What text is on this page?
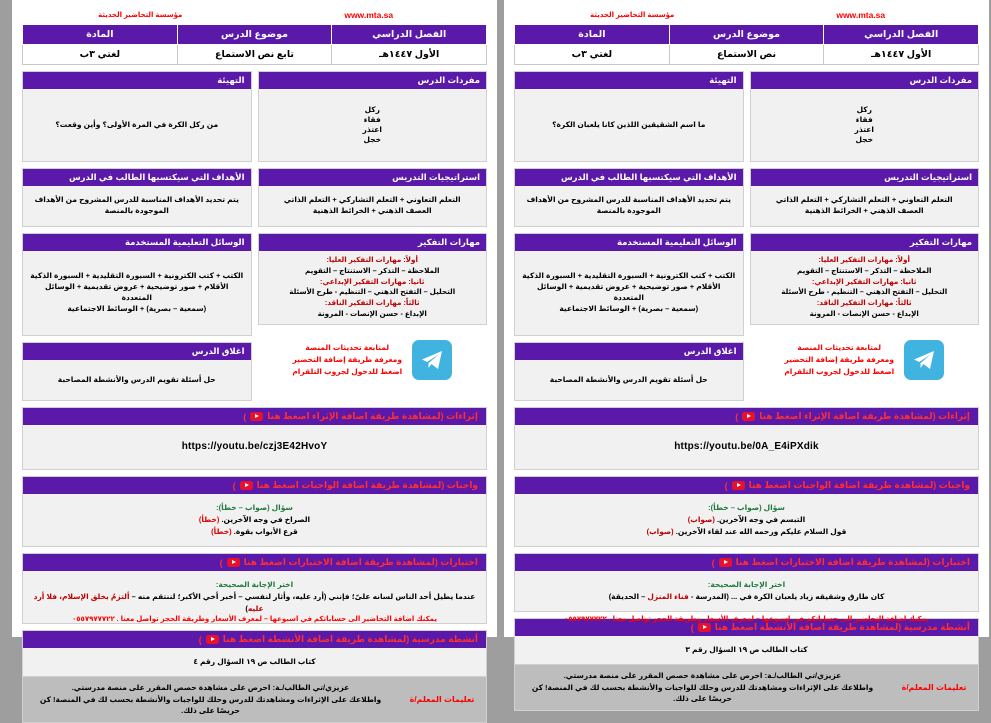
www.mta.sa
مؤسسة التحاضير الحديثة
الفصل الدراسي	موضوع الدرس	المادة
الأول ١٤٤٧هـ	نص الاستماع	لغتي ٣ب
مفردات الدرس
ركل
فقاء
اعتذر
خجل
التهيئة
ما اسم الشقيقين اللذين كانا يلعبان الكرة؟
استراتيجيات التدريس
التعلم التعاوني + التعلم التشاركي + التعلم الذاتي
العصف الذهني + الخرائط الذهنية
الأهداف التي سيكتسبها الطالب في الدرس
يتم تحديد الأهداف المناسبة للدرس المشروح من الأهداف الموجودة بالمنصة
مهارات التفكير
أولاً: مهارات التفكير العليا:
الملاحظة – التذكر – الاستنتاج – التقويم
ثانيا: مهارات التفكير الإبداعي:
التحليل – التفتح الذهني – التنظيم - طرح الأسئلة
ثالثاً: مهارات التفكير الناقد:
الإبداع - حسن الإنصات - المرونة
لمتابعة تحديثات المنصة
ومعرفة طريقة إضافة التحضير
اضغط للدخول لجروب التلقرام
الوسائل التعليمية المستخدمة
الكتب + كتب الكترونية + السبورة التقليدية + السبورة الذكية
الأقلام + صور توضيحية + عروض تقديمية + الوسائل المتعددة
(سمعية – بصرية) + الوسائط الاجتماعية
اغلاق الدرس
حل أسئلة تقويم الدرس والأنشطة المصاحبة
إثراءات (لمشاهدة طريقة اضافة الإثراء اضغط هنا
)
https://youtu.be/0A_E4iPXdik
واجبات (لمشاهدة طريقة اضافة الواجبات اضغط هنا
)
سؤال (صواب – خطأ):
التبسم في وجه الآخرين. (صواب)
قول السلام عليكم ورحمه الله عند لقاء الآخرين. (صواب)
اختبارات (لمشاهدة طريقة اضافة الاختبارات اضغط هنا
)
اختر الإجابة الصحيحة:
كان طارق وشقيقه زياد يلعبان الكرة في ... (المدرسة - فناء المنزل – الحديقة)
أنشطة مدرسية (لمشاهدة طريقة اضافة الأنشطة اضغط هنا
)
كتاب الطالب ص ١٩ السؤال رقم ٣
تعليمات المعلم/ة
عزيزي/تي الطالب/ـة: احرص على مشاهدة حصص المقرر على منصة مدرستي.
واطلاعك على الإثراءات ومشاهدتك للدرس وحلك للواجبات والأنشطة بحسب لك في المنصة! كن حريصًا على ذلك.
يمكنك اضافة التحاضير الى حساباتكم في اسبوعها – لمعرف الأسعار وطريقة الحجز تواصل معنا . ٠٥٥٧٩٧٧٧٢٢
www.mta.sa
مؤسسة التحاضير الحديثة
الفصل الدراسي	موضوع الدرس	المادة
الأول ١٤٤٧هـ	تابع نص الاستماع	لغتي ٣ب
مفردات الدرس
ركل
فقاء
اعتذر
خجل
التهيئة
من ركل الكرة في المرة الأولى؟ وأين وقعت؟
استراتيجيات التدريس
التعلم التعاوني + التعلم التشاركي + التعلم الذاتي
العصف الذهني + الخرائط الذهنية
الأهداف التي سيكتسبها الطالب في الدرس
يتم تحديد الأهداف المناسبة للدرس المشروح من الأهداف الموجودة بالمنصة
مهارات التفكير
أولاً: مهارات التفكير العليا:
الملاحظة – التذكر – الاستنتاج – التقويم
ثانيا: مهارات التفكير الإبداعي:
التحليل – التفتح الذهني – التنظيم - طرح الأسئلة
ثالثاً: مهارات التفكير الناقد:
الإبداع - حسن الإنصات - المرونة
لمتابعة تحديثات المنصة
ومعرفة طريقة إضافة التحضير
اضغط للدخول لجروب التلقرام
الوسائل التعليمية المستخدمة
الكتب + كتب الكترونية + السبورة التقليدية + السبورة الذكية
الأقلام + صور توضيحية + عروض تقديمية + الوسائل المتعددة
(سمعية – بصرية) + الوسائط الاجتماعية
اغلاق الدرس
حل أسئلة تقويم الدرس والأنشطة المصاحبة
إثراءات (لمشاهدة طريقة اضافة الإثراء اضغط هنا
)
https://youtu.be/czj3E42HvoY
واجبات (لمشاهدة طريقة اضافة الواجبات اضغط هنا
)
سؤال (صواب – خطأ):
الصراخ في وجه الآخرين. (خطأ)
قرع الأبواب بقوة. (خطأ)
اختبارات (لمشاهدة طريقة اضافة الاختبارات اضغط هنا
)
اختر الإجابة الصحيحة:
عندما يطيل أحد الناس لسانه علىّ؛ فإنني (أرد عليه، وأثار لنفسي – أخبر أخي الأكبر؛ لننتقم منه – ألتزمُ بخلق الإسلام، فلا أرد عليه)
أنشطة مدرسية (لمشاهدة طريقة اضافة الأنشطة اضغط هنا
)
كتاب الطالب ص ١٩ السؤال رقم ٤
تعليمات المعلم/ة
عزيزي/تي الطالب/ـة: احرص على مشاهدة حصص المقرر على منصة مدرستي.
واطلاعك على الإثراءات ومشاهدتك للدرس وحلك للواجبات والأنشطة بحسب لك في المنصة! كن حريصًا على ذلك.
يمكنك اضافة التحاضير الى حساباتكم في اسبوعها – لمعرف الأسعار وطريقة الحجز تواصل معنا . ٠٥٥٧٩٧٧٧٢٢
